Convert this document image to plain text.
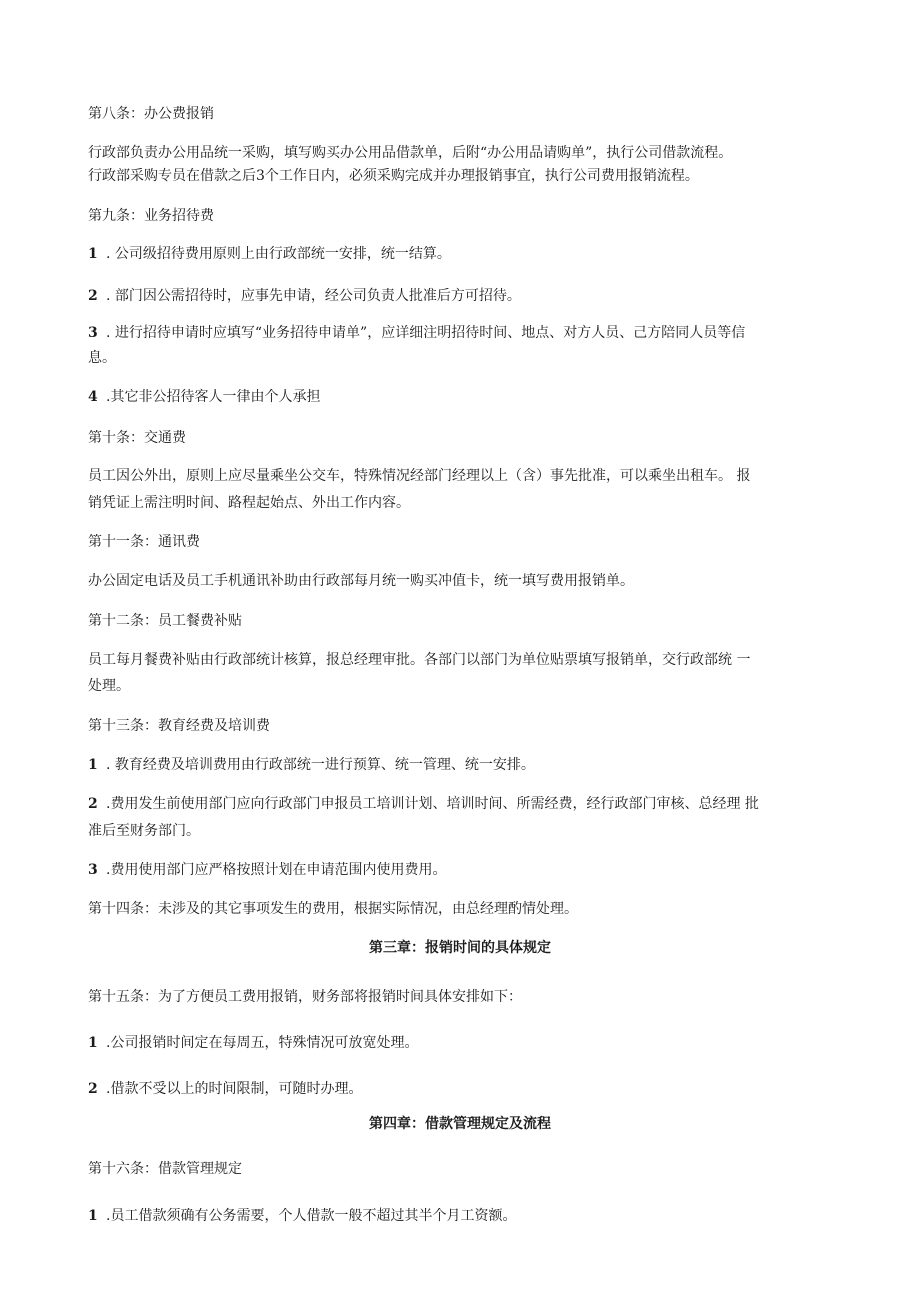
第八条：办公费报销
行政部负责办公用品统一采购，填写购买办公用品借款单，后附“办公用品请购单”，执行公司借款流程。
行政部采购专员在借款之后3个工作日内，必须采购完成并办理报销事宜，执行公司费用报销流程。
第九条：业务招待费
1 . 公司级招待费用原则上由行政部统一安排，统一结算。
2 . 部门因公需招待时，应事先申请，经公司负责人批准后方可招待。
3 . 进行招待申请时应填写“业务招待申请单”，应详细注明招待时间、地点、对方人员、己方陪同人员等信
息。
4 .其它非公招待客人一律由个人承担
第十条：交通费
员工因公外出，原则上应尽量乘坐公交车，特殊情况经部门经理以上（含）事先批准，可以乘坐出租车。 报
销凭证上需注明时间、路程起始点、外出工作内容。
第十一条：通讯费
办公固定电话及员工手机通讯补助由行政部每月统一购买冲值卡，统一填写费用报销单。
第十二条：员工餐费补贴
员工每月餐费补贴由行政部统计核算，报总经理审批。各部门以部门为单位贴票填写报销单，交行政部统 一
处理。
第十三条：教育经费及培训费
1 . 教育经费及培训费用由行政部统一进行预算、统一管理、统一安排。
2 .费用发生前使用部门应向行政部门申报员工培训计划、培训时间、所需经费，经行政部门审核、总经理 批
准后至财务部门。
3 .费用使用部门应严格按照计划在申请范围内使用费用。
第十四条：未涉及的其它事项发生的费用，根据实际情况，由总经理酌情处理。
第三章：报销时间的具体规定
第十五条：为了方便员工费用报销，财务部将报销时间具体安排如下：
1 .公司报销时间定在每周五，特殊情况可放宽处理。
2 .借款不受以上的时间限制，可随时办理。
第四章：借款管理规定及流程
第十六条：借款管理规定
1 .员工借款须确有公务需要，个人借款一般不超过其半个月工资额。
